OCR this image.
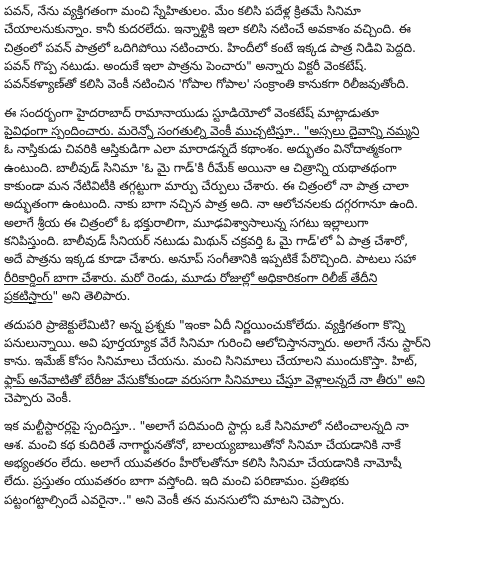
పవన్, నేను వ్యక్తిగతంగా మంచి స్నేహితులం. మేం కలిసి పదేళ్ల క్రితమే సినిమా
చేయాలనుకున్నాం. కానీ కుదరలేదు. ఇన్నాళ్టికి ఇలా కలిసి నటించే అవకాశం వచ్చింది. ఈ
చిత్రంలో పవన్ పాత్రలో ఒదిగిపోయి నటించారు. హిందీలో కంటే ఇక్కడ పాత్ర నిడివి పెద్దది.
పవన్ గొప్ప నటుడు. అందుకే ఇలా పాత్రను పెంచారు" అన్నారు విక్టరీ వెంకటేష్.
పవన్‌కళ్యాణ్‌తో కలిసి వెంకీ నటించిన 'గోపాల గోపాల' సంక్రాంతి కానుకగా రిలీజవుతోంది.

ఈ సందర్భంగా హైదరాబాద్ రామానాయుడు స్టూడియోలో వెంకటేష్ మాట్లాడుతూ
పైవిధంగా స్పందించారు. మరెన్నో సంగతుల్ని వెంకీ ముచ్చటిస్తూ.. "అస్సలు దైవాన్ని నమ్మని
ఓ నాస్తికుడు చివరికి ఆస్తికుడిగా ఎలా మారాడన్నదే కథాంశం. అద్భుతం వినోదాత్మకంగా
ఉంటుంది. బాలీవుడ్ సినిమా 'ఓ మై గాడ్'కి రీమేక్ అయినా ఆ చిత్రాన్ని యథాతథంగా
కాకుండా మన నేటివిటీకి తగ్గట్టుగా మార్పు చేర్పులు చేశారు. ఈ చిత్రంలో నా పాత్ర చాలా
అద్భుతంగా ఉంటుంది. నాకు బాగా నచ్చిన పాత్ర అది. నా ఆలోచనలకు దగ్గరగానూ ఉంది.
అలాగే శ్రీయ ఈ చిత్రంలో ఓ భక్తురాలిగా, మూఢవిశ్వాసాలున్న సగటు ఇల్లాలుగా
కనిపిస్తుంది. బాలీవుడ్ సీనియర్ నటుడు మిథున్ చక్రవర్తి ఓ మై గాడ్'లో ఏ పాత్ర చేశారో,
అదే పాత్రను ఇక్కడ కూడా చేశారు. అనూప్ సంగీతానికి ఇప్పటికే పేరొచ్చింది. పాటలు సహా
రీరికార్డింగ్ బాగా చేశారు. మరో రెండు, మూడు రోజుల్లో అధికారికంగా రిలీజ్ తేదీని
ప్రకటిస్తారు" అని తెలిపారు.

తదుపరి ప్రాజెక్టులేమిటి? అన్న ప్రశ్నకు "ఇంకా ఏదీ నిర్ణయించుకోలేదు. వ్యక్తిగతంగా కొన్ని
పనులున్నాయి. అవి పూర్తయ్యాక వేరే సినిమా గురించి ఆలోచిస్తానన్నారు. అలాగే నేను స్టార్‌ని
కాను. ఇమేజ్ కోసం సినిమాలు చేయను. మంచి సినిమాలు చేయాలని ముందుకొస్తా. హిట్,
ఫ్లాప్ అనేవాటితో బేరీజు వేసుకోకుండా వరుసగా సినిమాలు చేస్తూ వెళ్లాలన్నదే నా తీరు" అని
చెప్పారు వెంకీ.

ఇక మల్టీస్టారర్లపై స్పందిస్తూ.. "అలాగే పదిమంది స్టార్లు ఒకే సినిమాలో నటించాలన్నది నా
ఆశ. మంచి కథ కుదిరితే నాగార్జునతోనో, బాలయ్యబాబుతోనో సినిమా చేయడానికి నాకే
అభ్యంతరం లేదు. అలాగే యువతరం హీరోలతోనూ కలిసి సినిమా చేయడానికి నామోషీ
లేదు. ప్రస్తుతం యువతరం బాగా వస్తోంది. ఇది మంచి పరిణామం. ప్రతిభకు
పట్టంగట్టాల్సిందే ఎవరైనా.." అని వెంకీ తన మనసులోని మాటని చెప్పారు.
